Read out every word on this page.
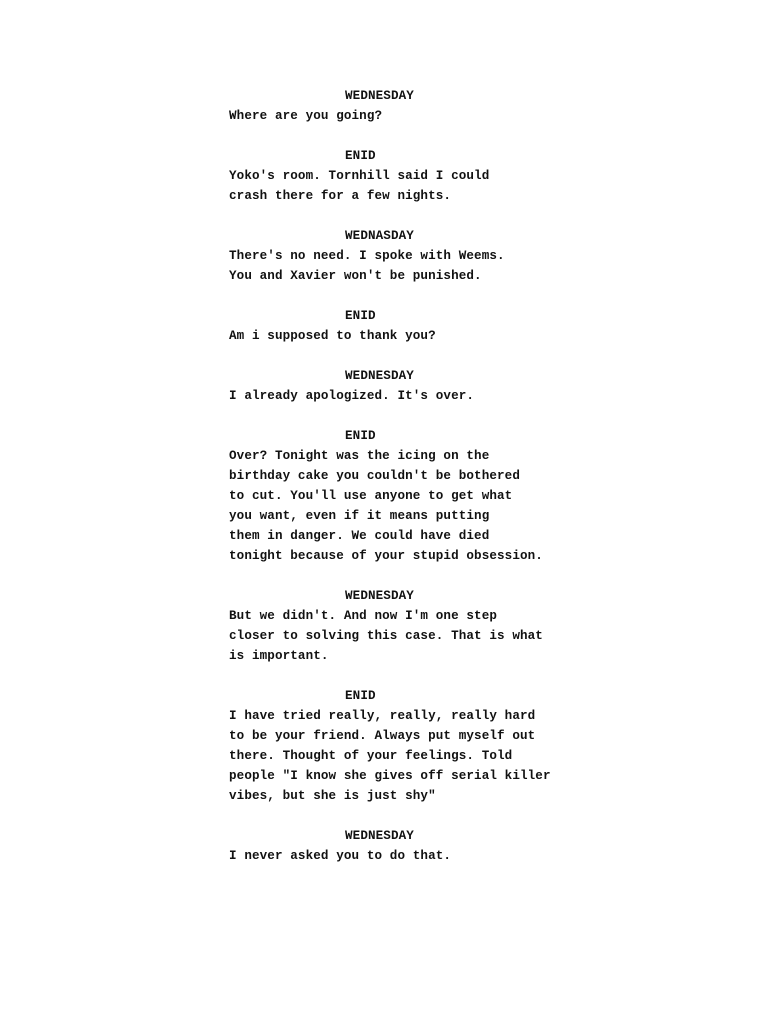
WEDNESDAY
Where are you going?
ENID
Yoko's room. Tornhill said I could
crash there for a few nights.
WEDNASDAY
There's no need. I spoke with Weems.
You and Xavier won't be punished.
ENID
Am i supposed to thank you?
WEDNESDAY
I already apologized. It's over.
ENID
Over? Tonight was the icing on the
birthday cake you couldn't be bothered
to cut. You'll use anyone to get what
you want, even if it means putting
them in danger. We could have died
tonight because of your stupid obsession.
WEDNESDAY
But we didn't. And now I'm one step
closer to solving this case. That is what
is important.
ENID
I have tried really, really, really hard
to be your friend. Always put myself out
there. Thought of your feelings. Told
people "I know she gives off serial killer
vibes, but she is just shy"
WEDNESDAY
I never asked you to do that.
